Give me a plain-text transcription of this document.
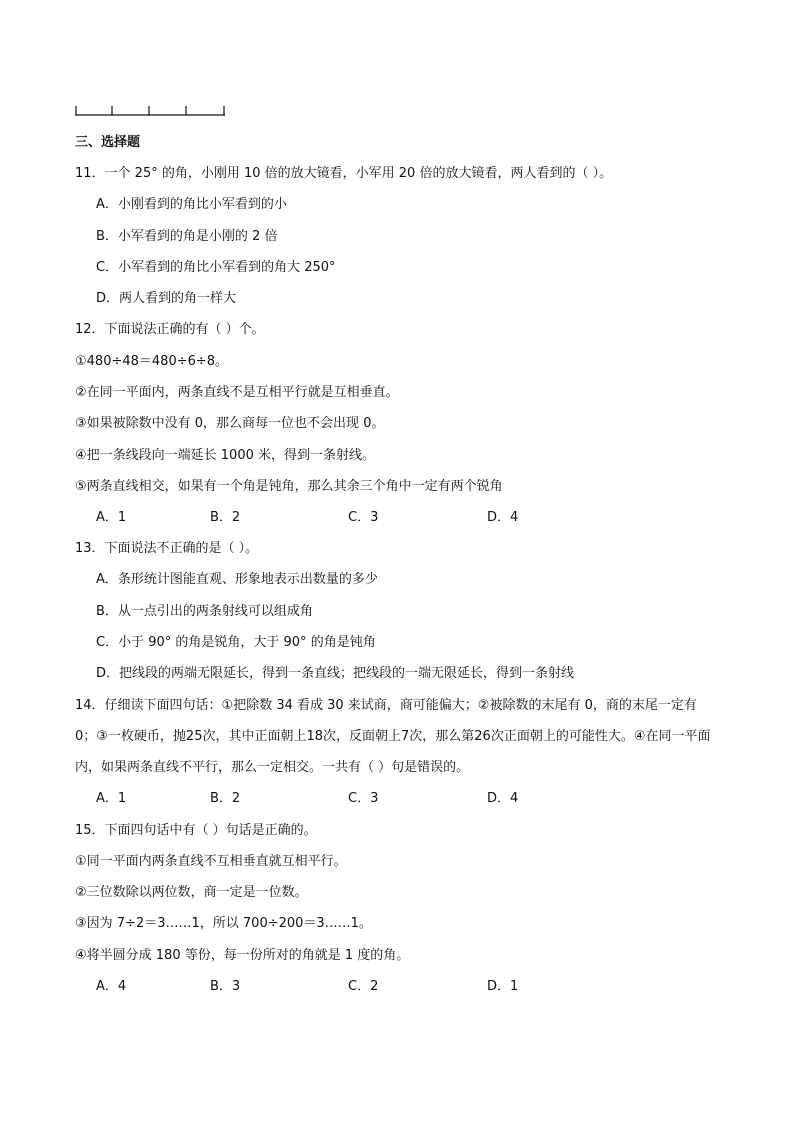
三、选择题
11．一个 25° 的角，小刚用 10 倍的放大镜看，小军用 20 倍的放大镜看，两人看到的（ ）。
A．小刚看到的角比小军看到的小
B．小军看到的角是小刚的 2 倍
C．小军看到的角比小军看到的角大 250°
D．两人看到的角一样大
12．下面说法正确的有（ ）个。
①480÷48＝480÷6÷8。
②在同一平面内，两条直线不是互相平行就是互相垂直。
③如果被除数中没有 0，那么商每一位也不会出现 0。
④把一条线段向一端延长 1000 米，得到一条射线。
⑤两条直线相交，如果有一个角是钝角，那么其余三个角中一定有两个锐角
A．1	B．2	C．3	D．4
13．下面说法不正确的是（ ）。
A．条形统计图能直观、形象地表示出数量的多少
B．从一点引出的两条射线可以组成角
C．小于 90° 的角是锐角，大于 90° 的角是钝角
D．把线段的两端无限延长，得到一条直线；把线段的一端无限延长，得到一条射线
14．仔细读下面四句话：①把除数 34 看成 30 来试商，商可能偏大；②被除数的末尾有 0，商的末尾一定有
0；③一枚硬币，抛25次，其中正面朝上18次，反面朝上7次，那么第26次正面朝上的可能性大。④在同一平面
内，如果两条直线不平行，那么一定相交。一共有（ ）句是错误的。
A．1	B．2	C．3	D．4
15．下面四句话中有（ ）句话是正确的。
①同一平面内两条直线不互相垂直就互相平行。
②三位数除以两位数，商一定是一位数。
③因为 7÷2＝3……1，所以 700÷200＝3……1。
④将半圆分成 180 等份，每一份所对的角就是 1 度的角。
A．4	B．3	C．2	D．1
